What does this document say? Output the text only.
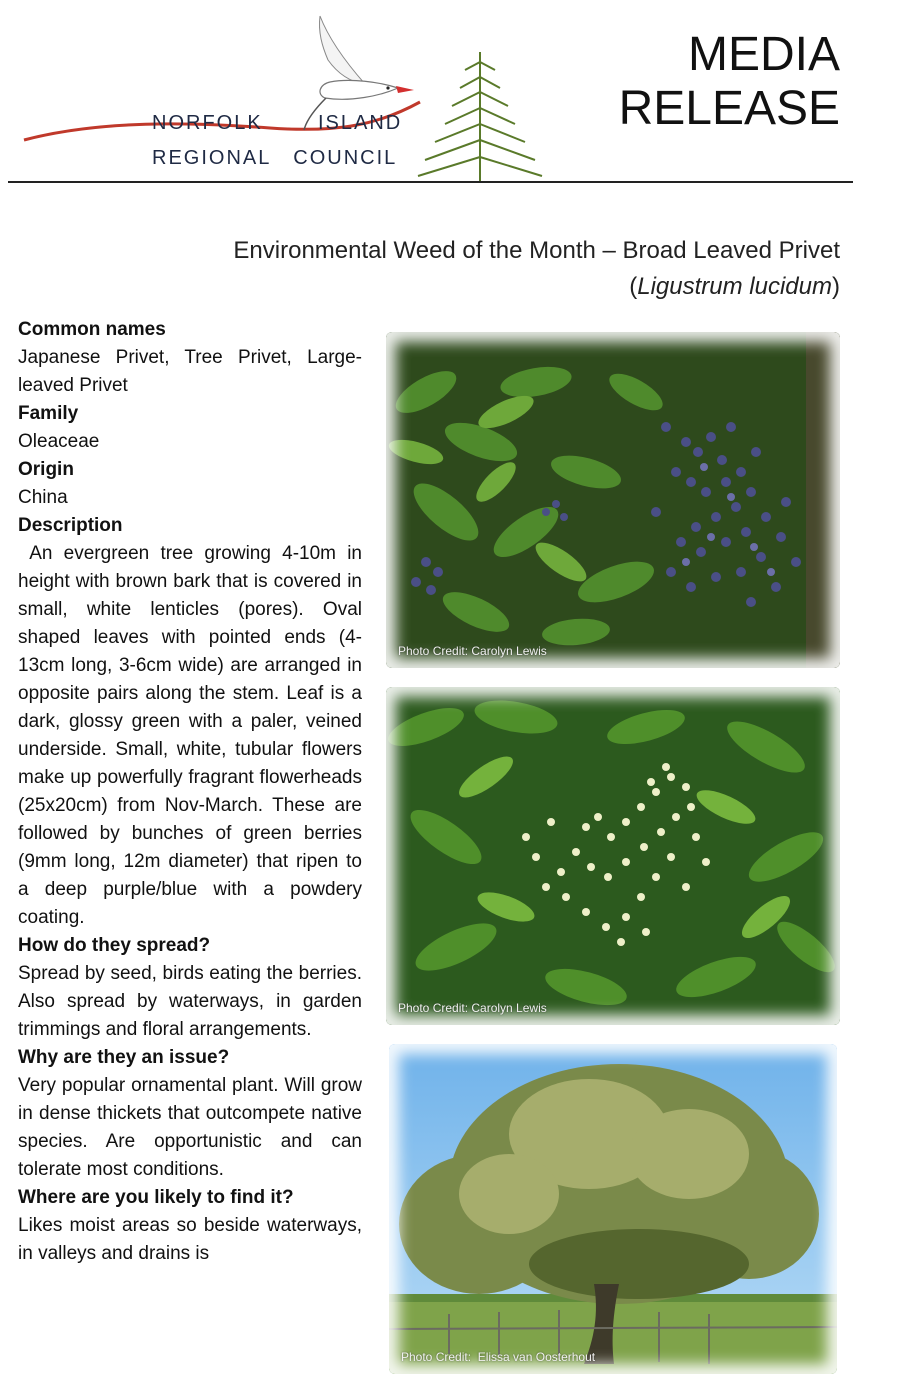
NORFOLK	ISLAND
REGIONAL   COUNCIL
MEDIA
RELEASE
Environmental Weed of the Month – Broad Leaved Privet
(Ligustrum lucidum)
Common names

Japanese Privet, Tree Privet, Large-leaved Privet

Family

Oleaceae

Origin

China

Description

An evergreen tree growing 4-10m in height with brown bark that is covered in small, white lenticles (pores). Oval shaped leaves with pointed ends (4-13cm long, 3-6cm wide) are arranged in opposite pairs along the stem. Leaf is a dark, glossy green with a paler, veined underside. Small, white, tubular flowers make up powerfully fragrant flowerheads (25x20cm) from Nov-March. These are followed by bunches of green berries (9mm long, 12m diameter) that ripen to a deep purple/blue with a powdery coating.

How do they spread?

Spread by seed, birds eating the berries. Also spread by waterways, in garden trimmings and floral arrangements.

Why are they an issue?

Very popular ornamental plant. Will grow in dense thickets that outcompete native species. Are opportunistic and can tolerate most conditions.

Where are you likely to find it?

Likes moist areas so beside waterways, in valleys and drains is

Photo Credit: Carolyn Lewis
Photo Credit: Carolyn Lewis
Photo Credit:  Elissa van Oosterhout
